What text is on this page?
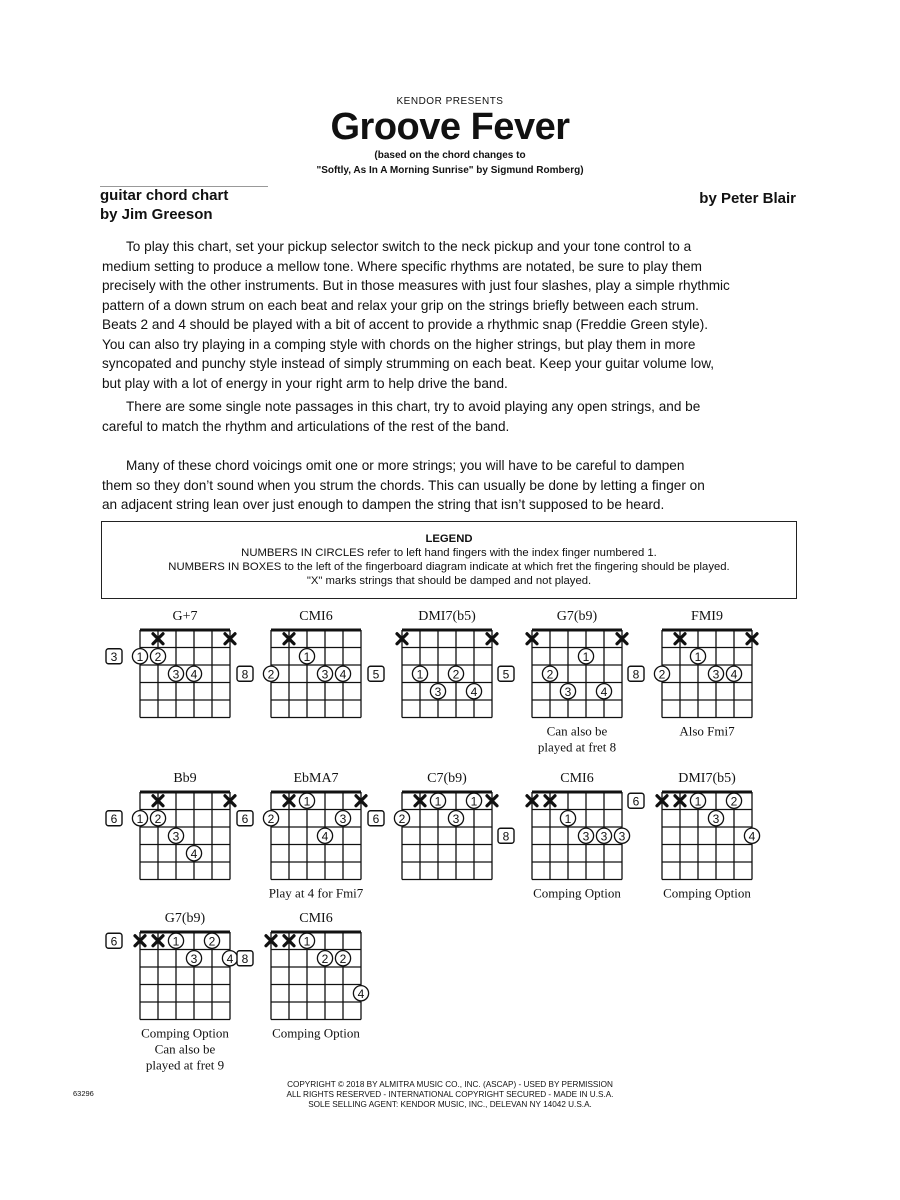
KENDOR PRESENTS
Groove Fever
(based on the chord changes to
"Softly, As In A Morning Sunrise" by Sigmund Romberg)
guitar chord chart
by Jim Greeson
by Peter Blair

To play this chart, set your pickup selector switch to the neck pickup and your tone control to a

medium setting to produce a mellow tone. Where specific rhythms are notated, be sure to play them

precisely with the other instruments. But in those measures with just four slashes, play a simple rhythmic

pattern of a down strum on each beat and relax your grip on the strings briefly between each strum.

Beats 2 and 4 should be played with a bit of accent to provide a rhythmic snap (Freddie Green style).

You can also try playing in a comping style with chords on the higher strings, but play them in more

syncopated and punchy style instead of simply strumming on each beat. Keep your guitar volume low,

but play with a lot of energy in your right arm to help drive the band.

There are some single note passages in this chart, try to avoid playing any open strings, and be

careful to match the rhythm and articulations of the rest of the band.

Many of these chord voicings omit one or more strings; you will have to be careful to dampen

them so they don’t sound when you strum the chords. This can usually be done by letting a finger on

an adjacent string lean over just enough to dampen the string that isn’t supposed to be heard.

LEGEND
NUMBERS IN CIRCLES refer to left hand fingers with the index finger numbered 1.
NUMBERS IN BOXES to the left of the fingerboard diagram indicate at which fret the fingering should be played.
"X" marks strings that should be damped and not played.
G+7
1 2
3 4
3
CMI6
1
2	3 4
8
DMI7(b5)
1 2
3 4
5
G7(b9)
1
2
3 4
5
Can also be
played at fret 8
FMI9
1
2	3 4
8
Also Fmi7
Bb9
1 2
3
4
6
EbMA7
1
2	3
4
6
Play at 4 for Fmi7
C7(b9)
1 1
2	3
6
CMI6
1
3 3 3
8
Comping Option
DMI7(b5)
1 2
3
4
6
Comping Option
G7(b9)
1 2
3 4
6
Comping Option
Can also be
played at fret 9
CMI6
1
2 2
4
8
Comping Option
63296
COPYRIGHT © 2018 BY ALMITRA MUSIC CO., INC. (ASCAP) - USED BY PERMISSION
ALL RIGHTS RESERVED - INTERNATIONAL COPYRIGHT SECURED - MADE IN U.S.A.
SOLE SELLING AGENT: KENDOR MUSIC, INC., DELEVAN NY 14042 U.S.A.
